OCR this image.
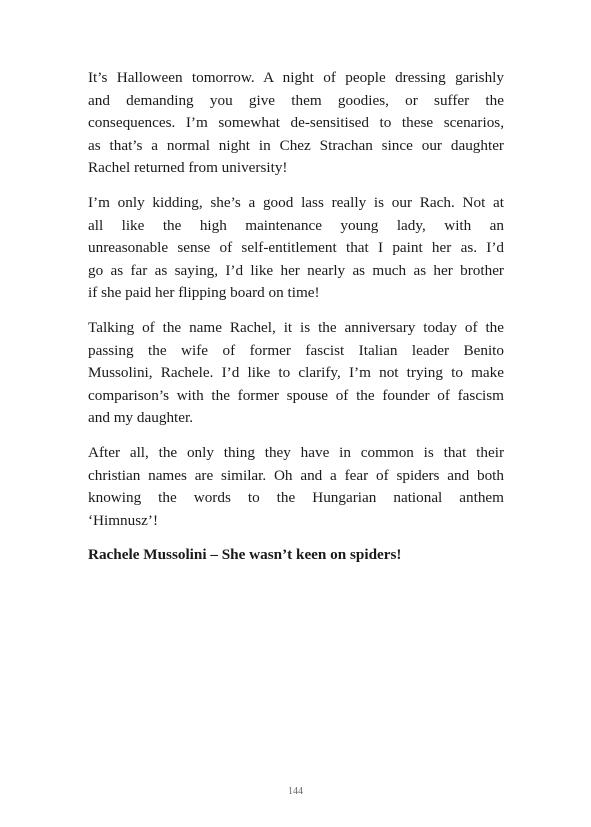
It’s Halloween tomorrow. A night of people dressing garishly
and demanding you give them goodies, or suffer the
consequences. I’m somewhat de-sensitised to these scenarios,
as that’s a normal night in Chez Strachan since our daughter
Rachel returned from university!

I’m only kidding, she’s a good lass really is our Rach. Not at
all like the high maintenance young lady, with an
unreasonable sense of self-entitlement that I paint her as. I’d
go as far as saying, I’d like her nearly as much as her brother
if she paid her flipping board on time!

Talking of the name Rachel, it is the anniversary today of the
passing the wife of former fascist Italian leader Benito
Mussolini, Rachele. I’d like to clarify, I’m not trying to make
comparison’s with the former spouse of the founder of fascism
and my daughter.

After all, the only thing they have in common is that their
christian names are similar. Oh and a fear of spiders and both
knowing the words to the Hungarian national anthem
‘Himnusz’!

Rachele Mussolini – She wasn’t keen on spiders!

144
